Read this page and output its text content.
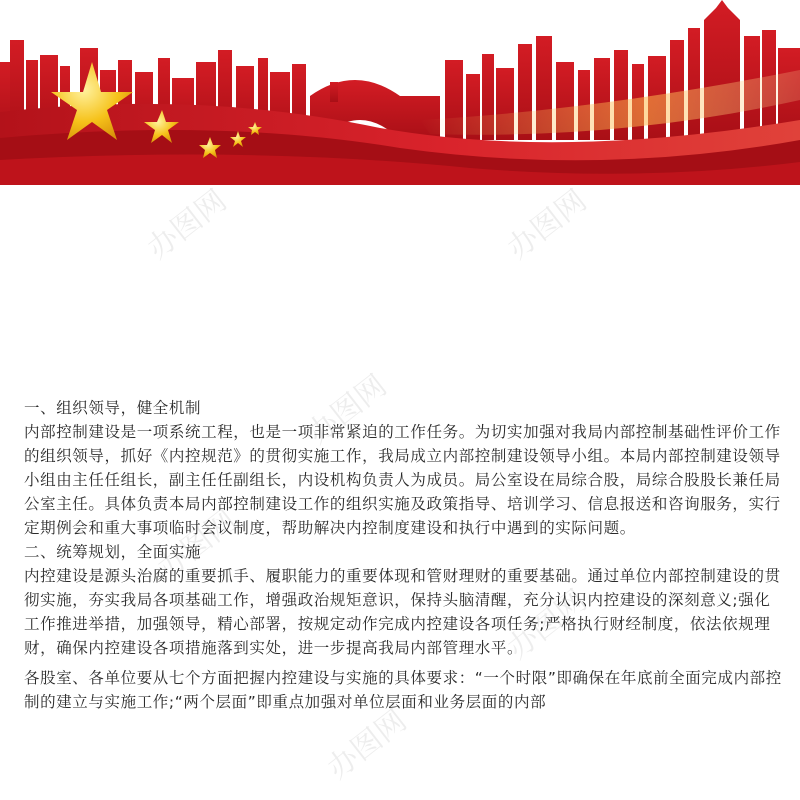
办图网	办图网
办图网
办图网
办图网
办图网

一、组织领导，健全机制

内部控制建设是一项系统工程，也是一项非常紧迫的工作任务。为切实加强对我局内部控制基础性评价工作的组织领导，抓好《内控规范》的贯彻实施工作，我局成立内部控制建设领导小组。本局内部控制建设领导小组由主任任组长，副主任任副组长，内设机构负责人为成员。局公室设在局综合股，局综合股股长兼任局公室主任。具体负责本局内部控制建设工作的组织实施及政策指导、培训学习、信息报送和咨询服务，实行定期例会和重大事项临时会议制度，帮助解决内控制度建设和执行中遇到的实际问题。

二、统筹规划，全面实施

内控建设是源头治腐的重要抓手、履职能力的重要体现和管财理财的重要基础。通过单位内部控制建设的贯彻实施，夯实我局各项基础工作，增强政治规矩意识，保持头脑清醒，充分认识内控建设的深刻意义;强化工作推进举措，加强领导，精心部署，按规定动作完成内控建设各项任务;严格执行财经制度，依法依规理财，确保内控建设各项措施落到实处，进一步提高我局内部管理水平。

各股室、各单位要从七个方面把握内控建设与实施的具体要求：“一个时限”即确保在年底前全面完成内部控制的建立与实施工作;“两个层面”即重点加强对单位层面和业务层面的内部
